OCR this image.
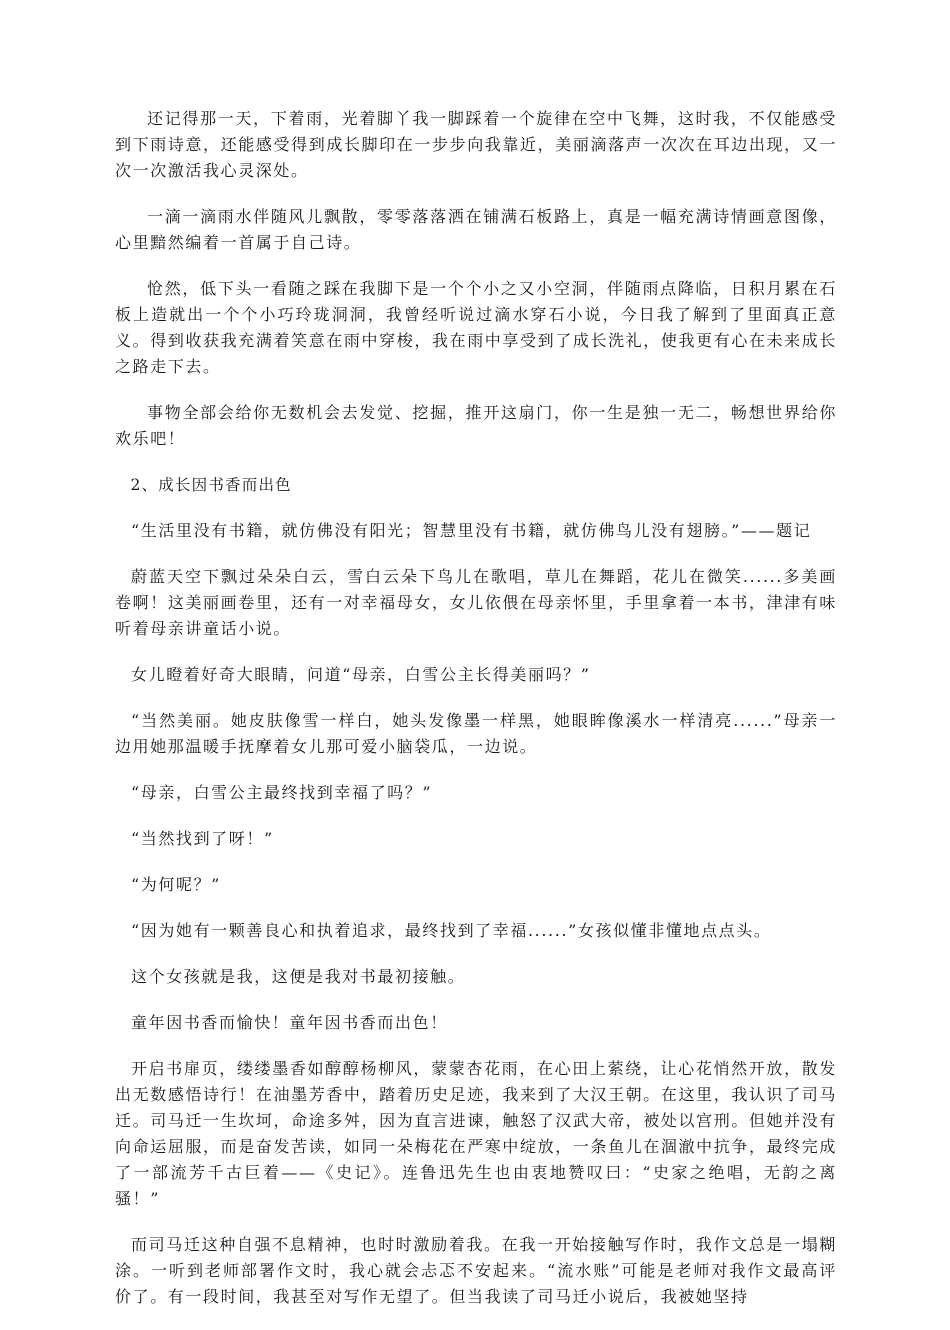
还记得那一天，下着雨，光着脚丫我一脚踩着一个旋律在空中飞舞，这时我，不仅能感受到下雨诗意，还能感受得到成长脚印在一步步向我靠近，美丽滴落声一次次在耳边出现，又一次一次激活我心灵深处。

一滴一滴雨水伴随风儿飘散，零零落落洒在铺满石板路上，真是一幅充满诗情画意图像，心里黯然编着一首属于自己诗。

怆然，低下头一看随之踩在我脚下是一个个小之又小空洞，伴随雨点降临，日积月累在石板上造就出一个个小巧玲珑洞洞，我曾经听说过滴水穿石小说，今日我了解到了里面真正意义。得到收获我充满着笑意在雨中穿梭，我在雨中享受到了成长洗礼，使我更有心在未来成长之路走下去。

事物全部会给你无数机会去发觉、挖掘，推开这扇门，你一生是独一无二，畅想世界给你欢乐吧！

2、成长因书香而出色

“生活里没有书籍，就仿佛没有阳光；智慧里没有书籍，就仿佛鸟儿没有翅膀。”——题记

蔚蓝天空下飘过朵朵白云，雪白云朵下鸟儿在歌唱，草儿在舞蹈，花儿在微笑......多美画卷啊！这美丽画卷里，还有一对幸福母女，女儿依偎在母亲怀里，手里拿着一本书，津津有味听着母亲讲童话小说。

女儿瞪着好奇大眼睛，问道“母亲，白雪公主长得美丽吗？”

“当然美丽。她皮肤像雪一样白，她头发像墨一样黑，她眼眸像溪水一样清亮......”母亲一边用她那温暖手抚摩着女儿那可爱小脑袋瓜，一边说。

“母亲，白雪公主最终找到幸福了吗？”

“当然找到了呀！”

“为何呢？”

“因为她有一颗善良心和执着追求，最终找到了幸福......”女孩似懂非懂地点点头。

这个女孩就是我，这便是我对书最初接触。

童年因书香而愉快！童年因书香而出色！

开启书扉页，缕缕墨香如醇醇杨柳风，蒙蒙杏花雨，在心田上萦绕，让心花悄然开放，散发出无数感悟诗行！在油墨芳香中，踏着历史足迹，我来到了大汉王朝。在这里，我认识了司马迁。司马迁一生坎坷，命途多舛，因为直言进谏，触怒了汉武大帝，被处以宫刑。但她并没有向命运屈服，而是奋发苦读，如同一朵梅花在严寒中绽放，一条鱼儿在涸澈中抗争，最终完成了一部流芳千古巨着——《史记》。连鲁迅先生也由衷地赞叹曰：“史家之绝唱，无韵之离骚！”

而司马迁这种自强不息精神，也时时激励着我。在我一开始接触写作时，我作文总是一塌糊涂。一听到老师部署作文时，我心就会忐忑不安起来。“流水账”可能是老师对我作文最高评价了。有一段时间，我甚至对写作无望了。但当我读了司马迁小说后，我被她坚持
